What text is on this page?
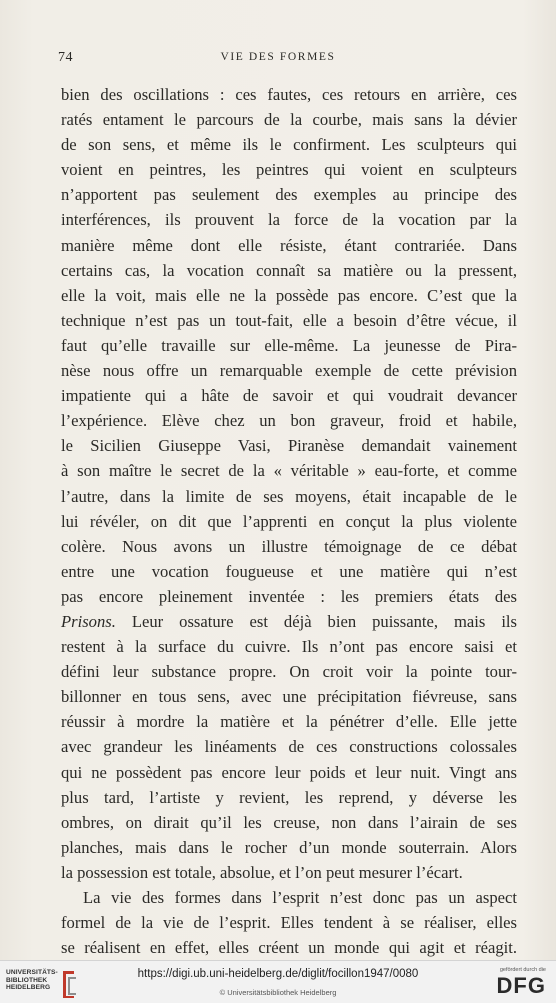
74	VIE DES FORMES
bien des oscillations : ces fautes, ces retours en arrière, ces
ratés entament le parcours de la courbe, mais sans la dévier
de son sens, et même ils le confirment. Les sculpteurs qui
voient en peintres, les peintres qui voient en sculpteurs
n’apportent pas seulement des exemples au principe des
interférences, ils prouvent la force de la vocation par la
manière même dont elle résiste, étant contrariée. Dans
certains cas, la vocation connaît sa matière ou la pressent,
elle la voit, mais elle ne la possède pas encore. C’est que la
technique n’est pas un tout-fait, elle a besoin d’être vécue, il
faut qu’elle travaille sur elle-même. La jeunesse de Pira-
nèse nous offre un remarquable exemple de cette prévision
impatiente qui a hâte de savoir et qui voudrait devancer
l’expérience. Elève chez un bon graveur, froid et habile,
le Sicilien Giuseppe Vasi, Piranèse demandait vainement
à son maître le secret de la « véritable » eau-forte, et comme
l’autre, dans la limite de ses moyens, était incapable de le
lui révéler, on dit que l’apprenti en conçut la plus violente
colère. Nous avons un illustre témoignage de ce débat
entre une vocation fougueuse et une matière qui n’est
pas encore pleinement inventée : les premiers états des
Prisons. Leur ossature est déjà bien puissante, mais ils
restent à la surface du cuivre. Ils n’ont pas encore saisi et
défini leur substance propre. On croit voir la pointe tour-
billonner en tous sens, avec une précipitation fiévreuse, sans
réussir à mordre la matière et la pénétrer d’elle. Elle jette
avec grandeur les linéaments de ces constructions colossales
qui ne possèdent pas encore leur poids et leur nuit. Vingt ans
plus tard, l’artiste y revient, les reprend, y déverse les
ombres, on dirait qu’il les creuse, non dans l’airain de ses
planches, mais dans le rocher d’un monde souterrain. Alors
la possession est totale, absolue, et l’on peut mesurer l’écart.
La vie des formes dans l’esprit n’est donc pas un aspect
formel de la vie de l’esprit. Elles tendent à se réaliser, elles
se réalisent en effet, elles créent un monde qui agit et réagit.
UNIVERSITÄTS-
BIBLIOTHEK
HEIDELBERG
https://digi.ub.uni-heidelberg.de/diglit/focillon1947/0080
© Universitätsbibliothek Heidelberg
gefördert durch die
DFG
